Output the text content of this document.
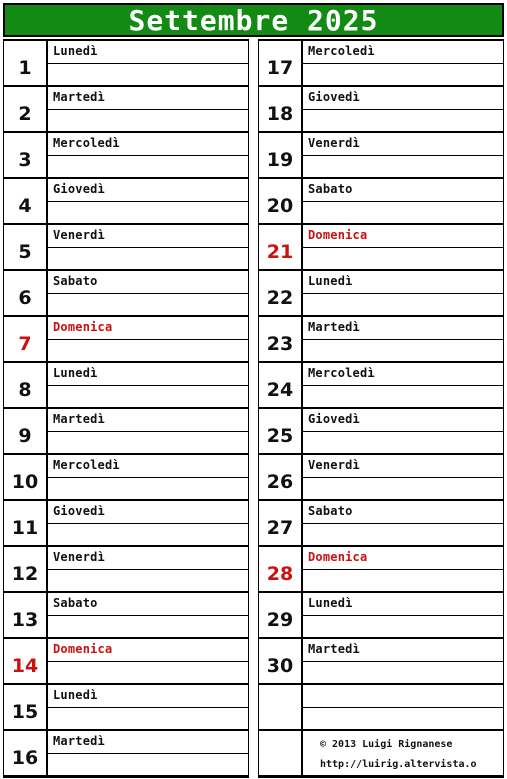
Settembre 2025
1
Lunedì
2
Martedì
3
Mercoledì
4
Giovedì
5
Venerdì
6
Sabato
7
Domenica
8
Lunedì
9
Martedì
10
Mercoledì
11
Giovedì
12
Venerdì
13
Sabato
14
Domenica
15
Lunedì
16
Martedì
17
Mercoledì
18
Giovedì
19
Venerdì
20
Sabato
21
Domenica
22
Lunedì
23
Martedì
24
Mercoledì
25
Giovedì
26
Venerdì
27
Sabato
28
Domenica
29
Lunedì
30
Martedì
© 2013 Luigi Rignanese
http://luirig.altervista.o
